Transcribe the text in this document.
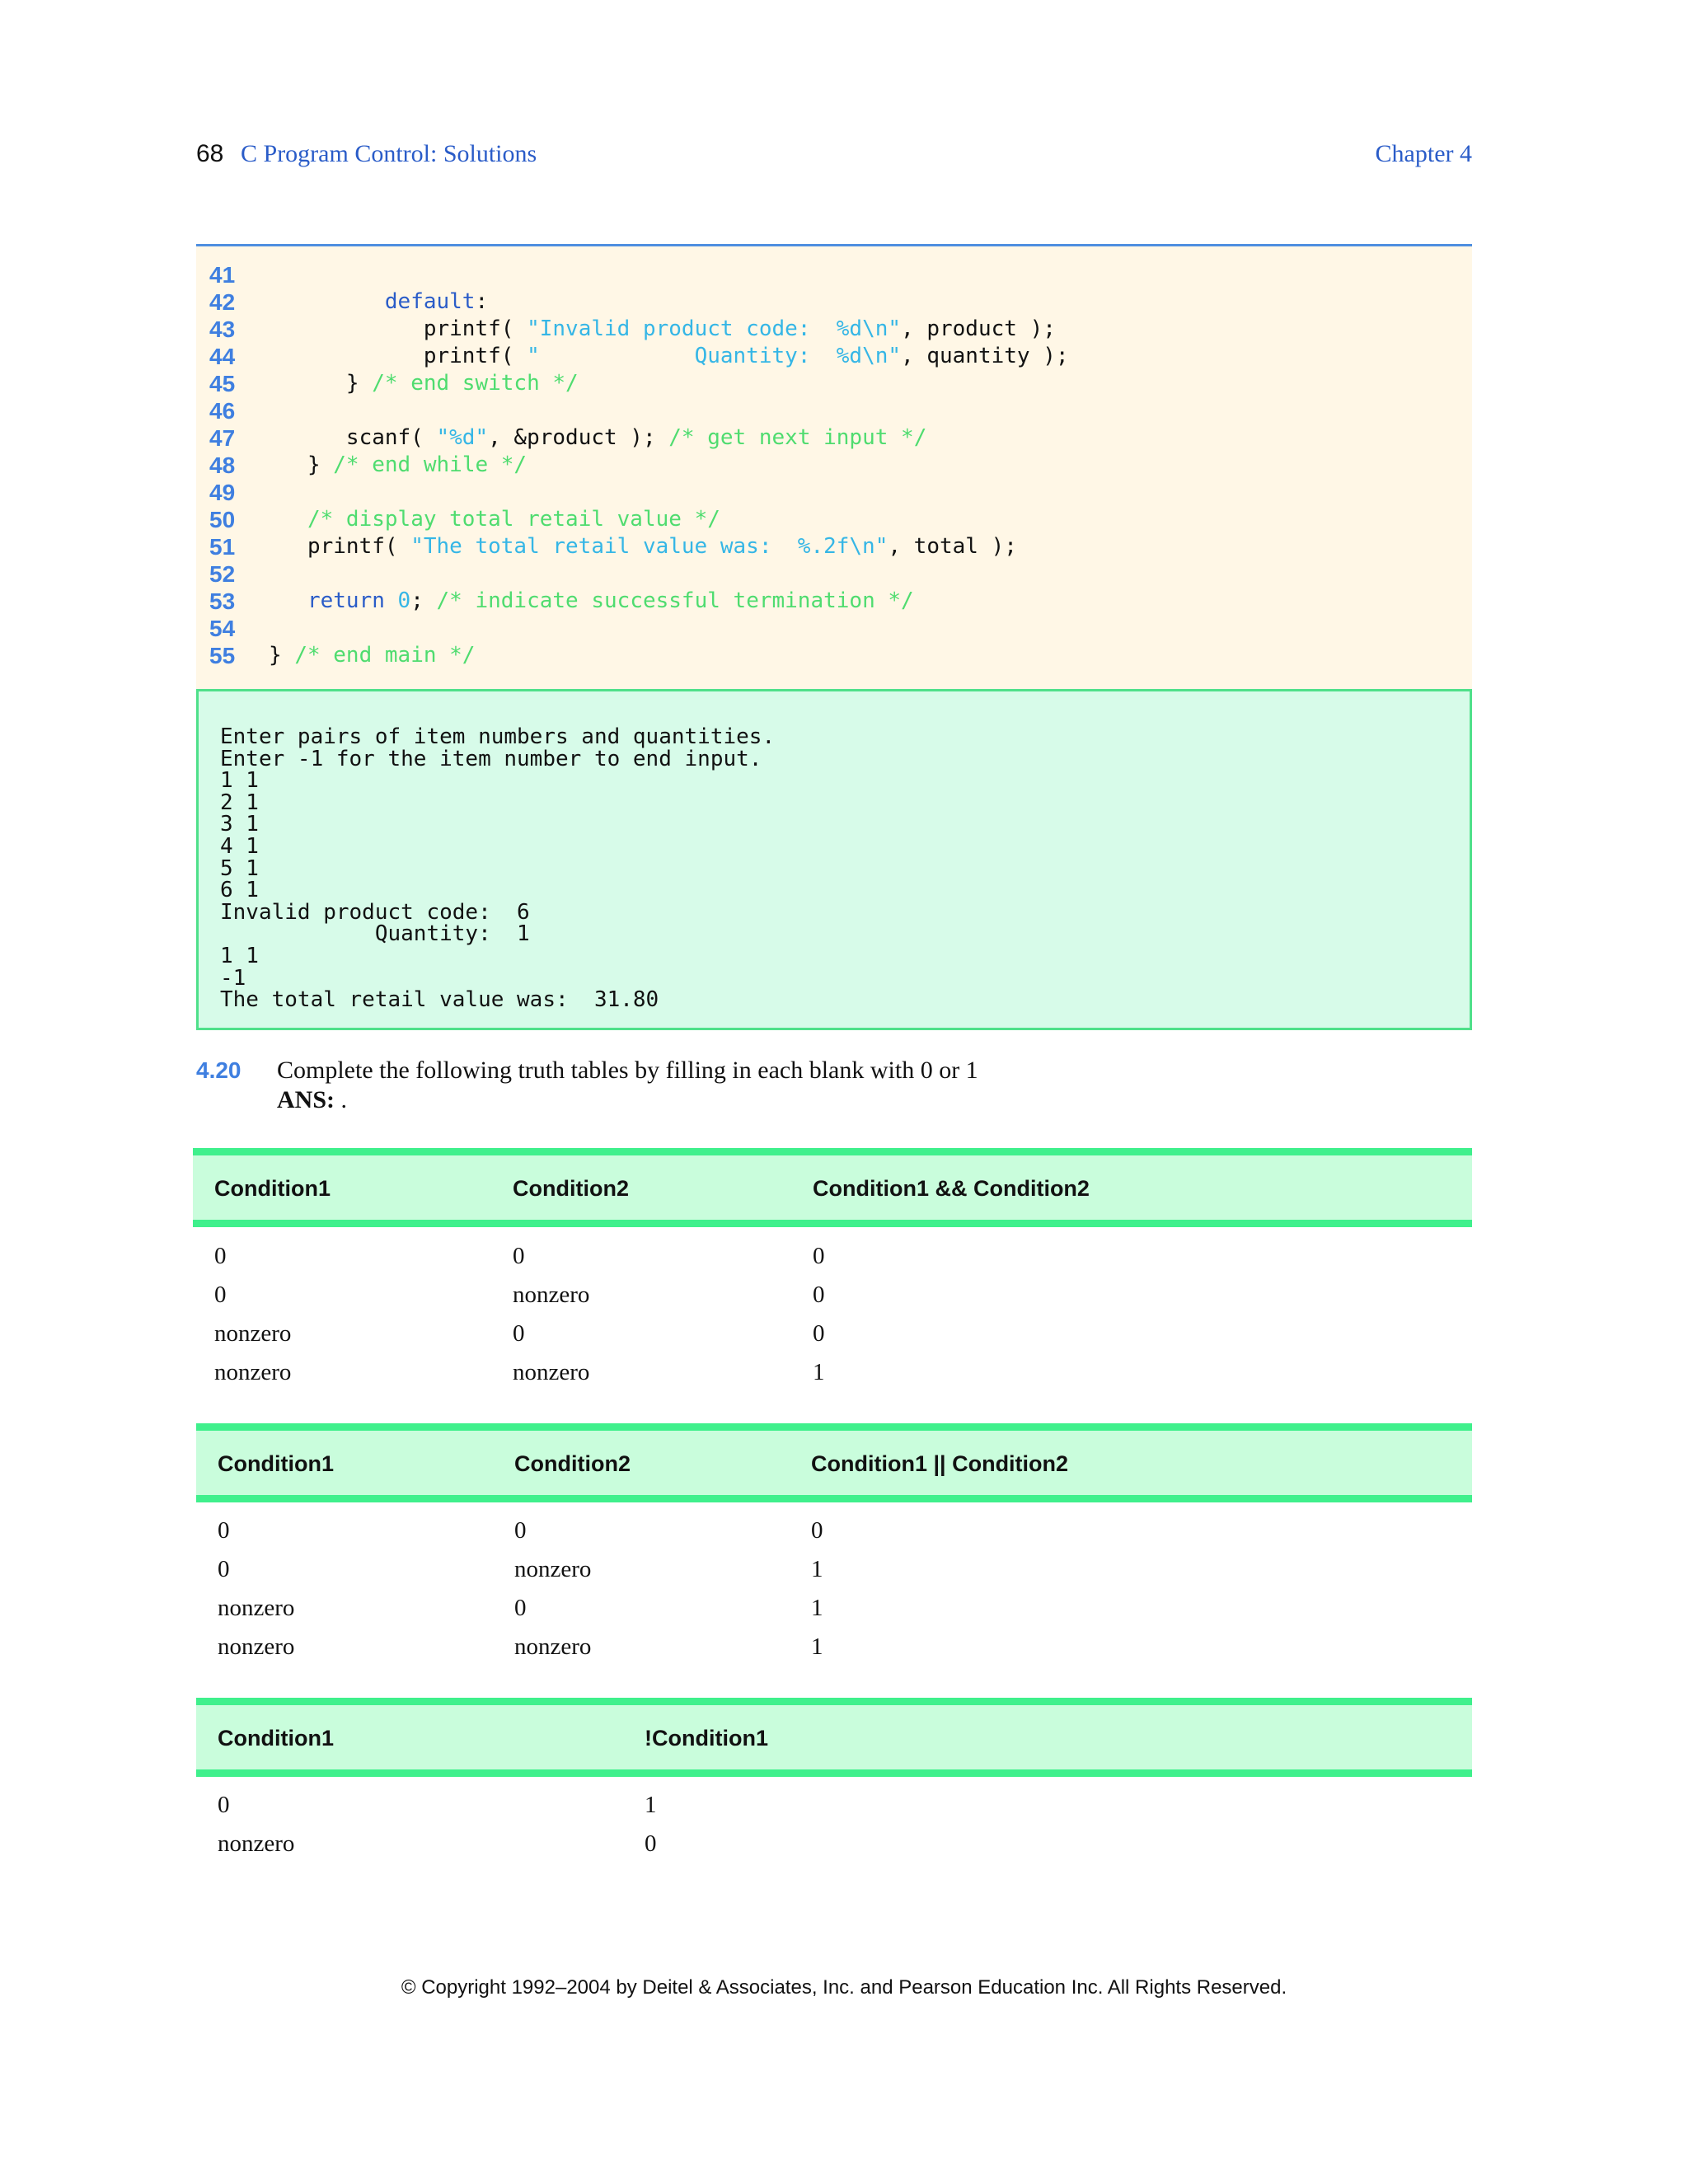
68 C Program Control: Solutions	Chapter 4
41
42	default:
43	printf( "Invalid product code:  %d\n", product );
44	printf( "            Quantity:  %d\n", quantity );
45	} /* end switch */
46
47	scanf( "%d", &product ); /* get next input */
48	} /* end while */
49
50	/* display total retail value */
51	printf( "The total retail value was:  %.2f\n", total );
52
53	return 0; /* indicate successful termination */
54
55	} /* end main */
Enter pairs of item numbers and quantities.
Enter -1 for the item number to end input.
1 1
2 1
3 1
4 1
5 1
6 1
Invalid product code:  6
Quantity:  1
1 1
-1
The total retail value was:  31.80
4.20 Complete the following truth tables by filling in each blank with 0 or 1
ANS: .
Condition1	Condition2	Condition1 && Condition2
0	0	0
0	nonzero	0
nonzero	0	0
nonzero	nonzero	1
Condition1	Condition2	Condition1 || Condition2
0	0	0
0	nonzero	1
nonzero	0	1
nonzero	nonzero	1
Condition1	!Condition1
0	1
nonzero	0
© Copyright 1992–2004 by Deitel & Associates, Inc. and Pearson Education Inc. All Rights Reserved.
